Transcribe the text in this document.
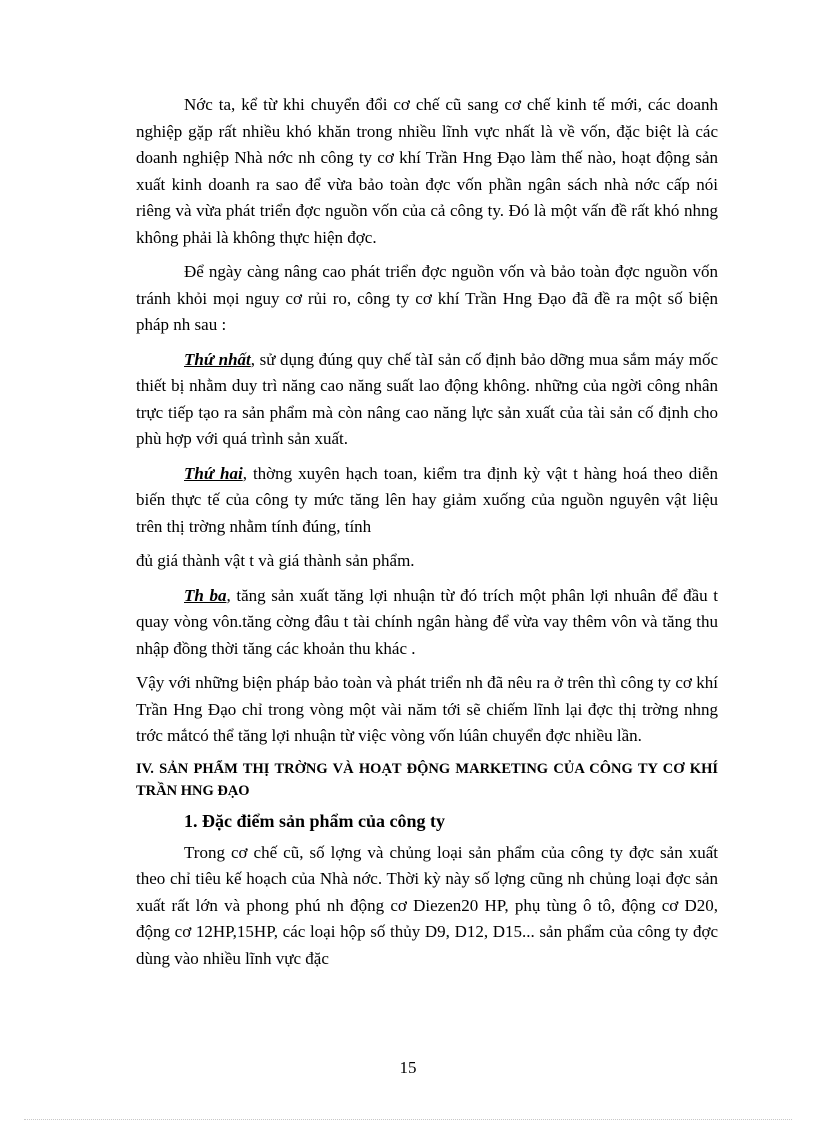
Nớc ta, kể từ khi chuyển đổi cơ chế cũ sang cơ chế kinh tế mới, các doanh nghiệp gặp rất nhiều khó khăn trong nhiều lĩnh vực nhất là về vốn, đặc biệt là các doanh nghiệp Nhà nớc nh công ty cơ khí Trần Hng Đạo làm thế nào, hoạt động sản xuất kinh doanh ra sao để vừa bảo toàn đợc vốn phần ngân sách nhà nớc cấp nói riêng và vừa phát triển đợc nguồn vốn của cả công ty. Đó là một vấn đề rất khó nhng không phải là không thực hiện đợc.

Để ngày càng nâng cao phát triển đợc nguồn vốn và bảo toàn đợc nguồn vốn tránh khỏi mọi nguy cơ rủi ro, công ty cơ khí Trần Hng Đạo đã đề ra một số biện pháp nh sau :

Thứ nhất, sử dụng đúng quy chế tàI sản cố định bảo dỡng mua sắm máy mốc thiết bị nhằm duy trì năng cao năng suất lao động không. những của ngời công nhân trực tiếp tạo ra sản phẩm mà còn nâng cao năng lực sản xuất của tài sản cố định cho phù hợp với quá trình sản xuất.

Thứ hai, thờng xuyên hạch toan, kiểm tra định kỳ vật t hàng hoá theo diễn biến thực tế của công ty mức tăng lên hay giảm xuống của nguồn nguyên vật liệu trên thị trờng nhằm tính đúng, tính

đủ giá thành vật t và giá thành sản phẩm.

Th ba, tăng sản xuất tăng lợi nhuận từ đó trích một phân lợi nhuân để đầu t quay vòng vôn.tăng cờng đâu t tài chính ngân hàng để vừa vay thêm vôn và tăng thu nhập đồng thời tăng các khoản thu khác .

Vậy với những biện pháp bảo toàn và phát triển nh đã nêu ra ở trên thì công ty cơ khí Trần Hng Đạo chỉ trong vòng một vài năm tới sẽ chiếm lĩnh lại đợc thị trờng nhng trớc mắtcó thể tăng lợi nhuận từ việc vòng vốn lúân chuyển đợc nhiều lần.

IV. SẢN PHẨM THỊ TRỜNG VÀ HOẠT ĐỘNG MARKETING CỦA CÔNG TY CƠ KHÍ TRẦN HNG ĐẠO
1. Đặc điểm sản phẩm của công ty

Trong cơ chế cũ, số lợng và chủng loại sản phẩm của công ty đợc sản xuất theo chỉ tiêu kế hoạch của Nhà nớc. Thời kỳ này số lợng cũng nh chủng loại đợc sản xuất rất lớn và phong phú nh động cơ Diezen20 HP, phụ tùng ô tô, động cơ D20, động cơ 12HP,15HP, các loại hộp số thủy D9, D12, D15... sản phẩm của công ty đợc dùng vào nhiều lĩnh vực đặc

15
